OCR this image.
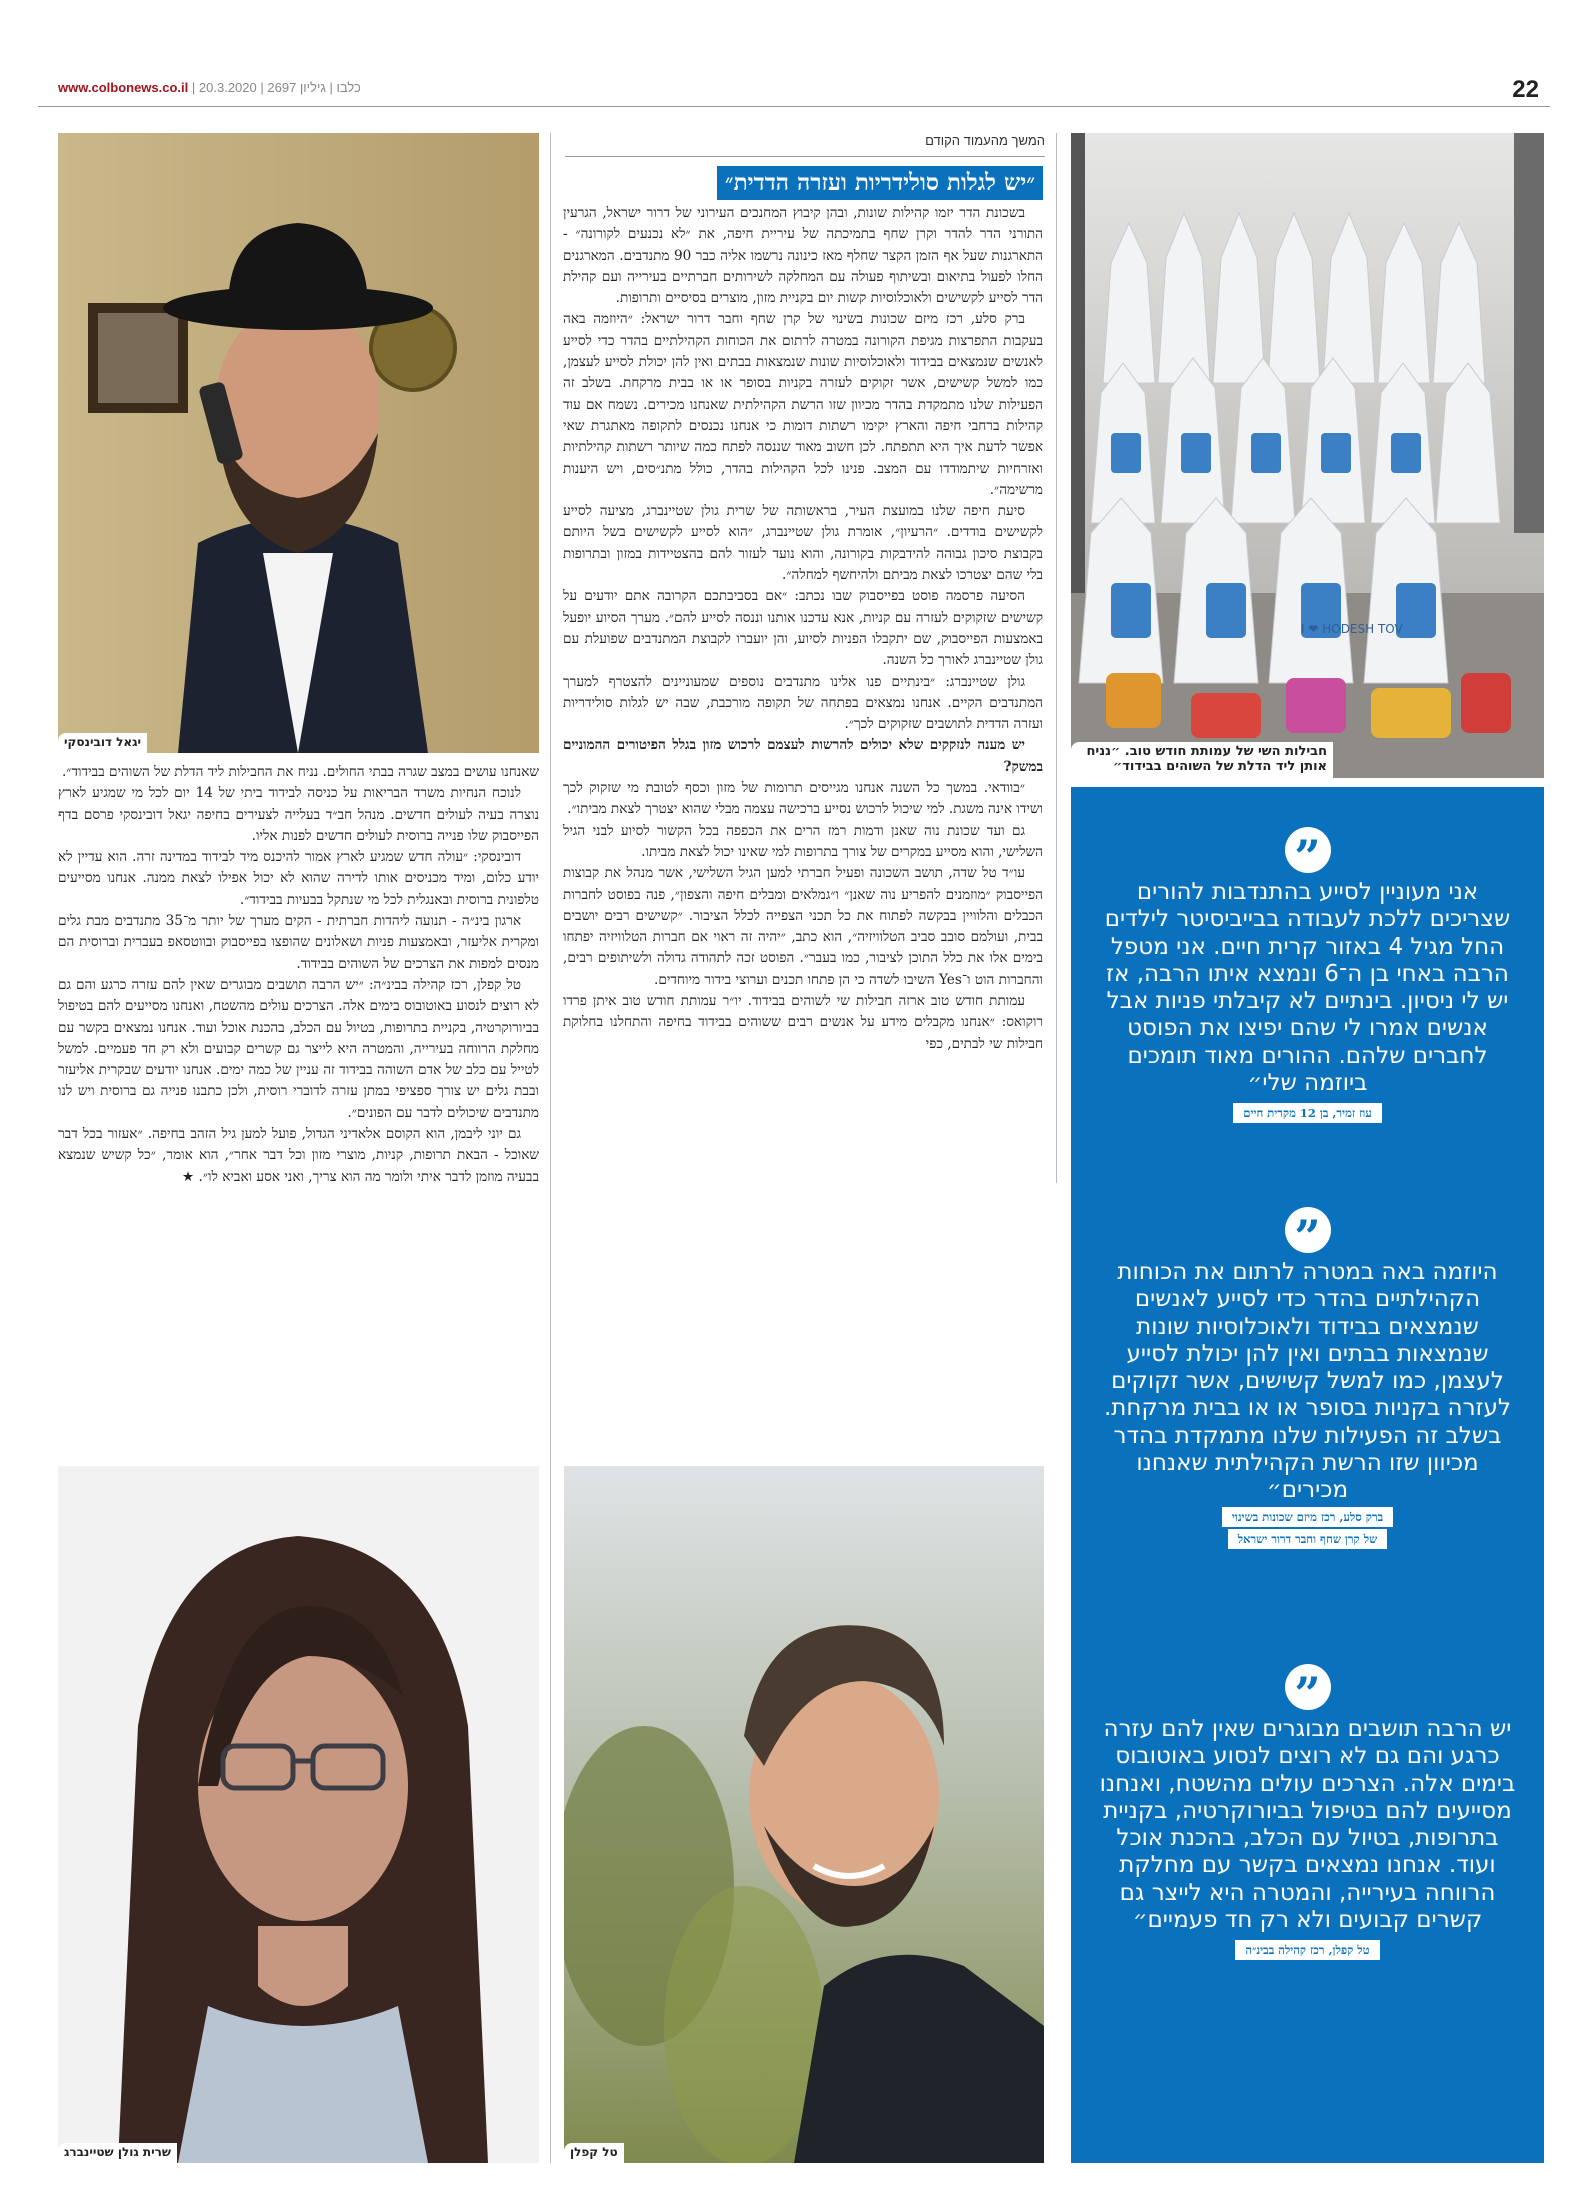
www.colbonews.co.il |	כלבו | גיליון 2697 | 20.3.2020	22
I ❤ HODESH TOV
חבילות השי של עמותת חודש טוב. ״נניח אותן ליד הדלת של השוהים בבידוד״
”
אני מעוניין לסייע בהתנדבות להורים שצריכים ללכת לעבודה בבייביסיטר לילדים החל מגיל 4 באזור קרית חיים. אני מטפל הרבה באחי בן ה־6 ונמצא איתו הרבה, אז יש לי ניסיון. בינתיים לא קיבלתי פניות אבל אנשים אמרו לי שהם יפיצו את הפוסט לחברים שלהם. ההורים מאוד תומכים ביוזמה שלי״
עוז זמיר, בן 12 מקרית חיים
”
היוזמה באה במטרה לרתום את הכוחות הקהילתיים בהדר כדי לסייע לאנשים שנמצאים בבידוד ולאוכלוסיות שונות שנמצאות בבתים ואין להן יכולת לסייע לעצמן, כמו למשל קשישים, אשר זקוקים לעזרה בקניות בסופר או או בבית מרקחת. בשלב זה הפעילות שלנו מתמקדת בהדר מכיוון שזו הרשת הקהילתית שאנחנו מכירים״
ברק סלע, רכז מיזם שכונות בשינוי
של קרן שחף וחבר דרור ישראל
”
יש הרבה תושבים מבוגרים שאין להם עזרה כרגע והם גם לא רוצים לנסוע באוטובוס בימים אלה. הצרכים עולים מהשטח, ואנחנו מסייעים להם בטיפול בביורוקרטיה, בקניית בתרופות, בטיול עם הכלב, בהכנת אוכל ועוד. אנחנו נמצאים בקשר עם מחלקת הרווחה בעירייה, והמטרה היא לייצר גם קשרים קבועים ולא רק חד פעמיים״
טל קפלן, רכז קהילה בבינ״ה
המשך מהעמוד הקודם
״יש לגלות סולידריות ועזרה הדדית״

בשכונת הדר יזמו קהילות שונות, ובהן קיבוץ המחנכים העירוני של דרור ישראל, הגרעין התורני הדר להדר וקרן שחף בתמיכתה של עיריית חיפה, את ״לא נכנעים לקורונה״ - התארגנות שעל אף הזמן הקצר שחלף מאז כינונה נרשמו אליה כבר 90 מתנדבים. המארגנים החלו לפעול בתיאום ובשיתוף פעולה עם המחלקה לשירותים חברתיים בעירייה ועם קהילת הדר לסייע לקשישים ולאוכלוסיות קשות יום בקניית מזון, מוצרים בסיסיים ותרופות.

ברק סלע, רכז מיזם שכונות בשינוי של קרן שחף וחבר דרור ישראל: ״היוזמה באה בעקבות התפרצות מגיפת הקורונה במטרה לרתום את הכוחות הקהילתיים בהדר כדי לסייע לאנשים שנמצאים בבידוד ולאוכלוסיות שונות שנמצאות בבתים ואין להן יכולת לסייע לעצמן, כמו למשל קשישים, אשר זקוקים לעזרה בקניות בסופר או או בבית מרקחת. בשלב זה הפעילות שלנו מתמקדת בהדר מכיוון שזו הרשת הקהילתית שאנחנו מכירים. נשמח אם עוד קהילות ברחבי חיפה והארץ יקימו רשתות דומות כי אנחנו נכנסים לתקופה מאתגרת שאי אפשר לדעת איך היא תתפתח. לכן חשוב מאוד שננסה לפתח כמה שיותר רשתות קהילתיות ואזרחיות שיתמודדו עם המצב. פנינו לכל הקהילות בהדר, כולל מתנ״סים, ויש היענות מרשימה״.

סיעת חיפה שלנו במועצת העיר, בראשותה של שרית גולן שטיינברג, מציעה לסייע לקשישים בודדים. ״הרעיון״, אומרת גולן שטיינברג, ״הוא לסייע לקשישים בשל היותם בקבוצת סיכון גבוהה להידבקות בקורונה, והוא נועד לעזור להם בהצטיידות במזון ובתרופות בלי שהם יצטרכו לצאת מביתם ולהיחשף למחלה״.

הסיעה פרסמה פוסט בפייסבוק שבו נכתב: ״אם בסביבתכם הקרובה אתם יודעים על קשישים שזקוקים לעזרה עם קניות, אנא עדכנו אותנו וננסה לסייע להם״. מערך הסיוע יופעל באמצעות הפייסבוק, שם יתקבלו הפניות לסיוע, והן יועברו לקבוצת המתנדבים שפועלת עם גולן שטיינברג לאורך כל השנה.

גולן שטיינברג: ״בינתיים פנו אלינו מתנדבים נוספים שמעוניינים להצטרף למערך המתנדבים הקיים. אנחנו נמצאים בפתחה של תקופה מורכבת, שבה יש לגלות סולידריות ועזרה הדדית לתושבים שזקוקים לכך״.

יש מענה לנזקקים שלא יכולים להרשות לעצמם לרכוש מזון בגלל הפיטורים ההמוניים במשק?

״בוודאי. במשך כל השנה אנחנו מגייסים תרומות של מזון וכסף לטובת מי שזקוק לכך ושידו אינה משגת. למי שיכול לרכוש נסייע ברכישה עצמה מבלי שהוא יצטרך לצאת מביתו״.

גם ועד שכונת נוה שאנן ודמות רמז הרים את הכפפה בכל הקשור לסיוע לבני הגיל השלישי, והוא מסייע במקרים של צורך בתרופות למי שאינו יכול לצאת מביתו.

עו״ד טל שדה, תושב השכונה ופעיל חברתי למען הגיל השלישי, אשר מנהל את קבוצות הפייסבוק ״מוזמנים להפריע נוה שאנן״ ו״גמלאים ומבלים חיפה והצפון״, פנה בפוסט לחברות הכבלים והלוויין בבקשה לפתוח את כל תכני הצפייה לכלל הציבור. ״קשישים רבים יושבים בבית, ועולמם סובב סביב הטלוויזיה״, הוא כתב, ״יהיה זה ראוי אם חברות הטלוויזיה יפתחו בימים אלו את כלל התוכן לציבור, כמו בעבר״. הפוסט זכה לתהודה גדולה ולשיתופים רבים, והחברות הוט ו־Yes השיבו לשדה כי הן פתחו תכנים וערוצי בידור מיוחדים.

עמותת חודש טוב ארזה חבילות שי לשוהים בבידוד. יו״ר עמותת חודש טוב איתן פרדו רוקואס: ״אנחנו מקבלים מידע על אנשים רבים ששוהים בבידוד בחיפה והתחלנו בחלוקת חבילות שי לבתים, כפי

טל קפלן
יגאל דובינסקי

שאנחנו עושים במצב שגרה בבתי החולים. נניח את החבילות ליד הדלת של השוהים בבידוד״.

לנוכח הנחיות משרד הבריאות על כניסה לבידוד ביתי של 14 יום לכל מי שמגיע לארץ נוצרה בעיה לעולים חדשים. מנהל חב״ד בעלייה לצעירים בחיפה יגאל דובינסקי פרסם בדף הפייסבוק שלו פנייה ברוסית לעולים חדשים לפנות אליו.

דובינסקי: ״עולה חדש שמגיע לארץ אמור להיכנס מיד לבידוד במדינה זרה. הוא עדיין לא יודע כלום, ומיד מכניסים אותו לדירה שהוא לא יכול אפילו לצאת ממנה. אנחנו מסייעים טלפונית ברוסית ובאנגלית לכל מי שנתקל בבעיות בבידוד״.

ארגון בינ״ה - תנועה ליהדות חברתית - הקים מערך של יותר מ־35 מתנדבים מבת גלים ומקרית אליעזר, ובאמצעות פניות ושאלונים שהופצו בפייסבוק ובווטסאפ בעברית וברוסית הם מנסים למפות את הצרכים של השוהים בבידוד.

טל קפלן, רכז קהילה בבינ״ה: ״יש הרבה תושבים מבוגרים שאין להם עזרה כרגע והם גם לא רוצים לנסוע באוטובוס בימים אלה. הצרכים עולים מהשטח, ואנחנו מסייעים להם בטיפול בביורוקרטיה, בקניית בתרופות, בטיול עם הכלב, בהכנת אוכל ועוד. אנחנו נמצאים בקשר עם מחלקת הרווחה בעירייה, והמטרה היא לייצר גם קשרים קבועים ולא רק חד פעמיים. למשל לטייל עם כלב של אדם השוהה בבידוד זה עניין של כמה ימים. אנחנו יודעים שבקרית אליעזר ובבת גלים יש צורך ספציפי במתן עזרה לדוברי רוסית, ולכן כתבנו פנייה גם ברוסית ויש לנו מתנדבים שיכולים לדבר עם הפונים״.

גם יוני ליבמן, הוא הקוסם אלאדיני הגדול, פועל למען גיל הזהב בחיפה. ״אעזור בכל דבר שאוכל - הבאת תרופות, קניות, מוצרי מזון וכל דבר אחר״, הוא אומר, ״כל קשיש שנמצא בבעיה מוזמן לדבר איתי ולומר מה הוא צריך, ואני אסע ואביא לו״. ★

שרית גולן שטיינברג
